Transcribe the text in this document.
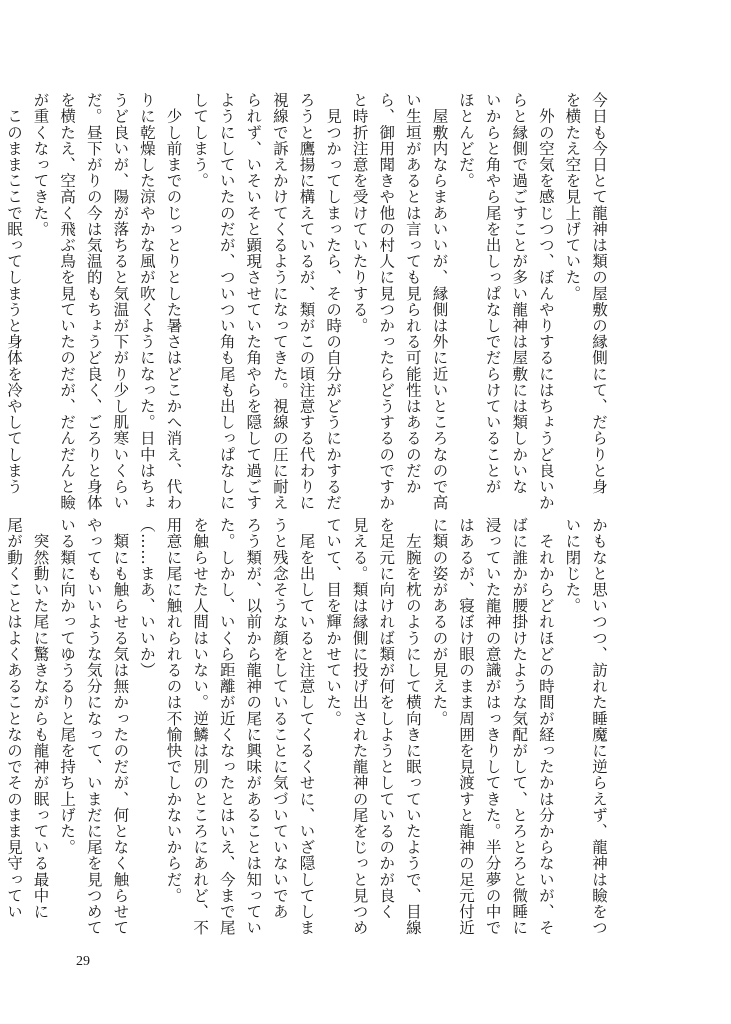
今日も今日とて龍神は類の屋敷の縁側にて、だらりと身

を横たえ空を見上げていた。

　外の空気を感じつつ、ぼんやりするにはちょうど良いか

らと縁側で過ごすことが多い龍神は屋敷には類しかいな

いからと角やら尾を出しっぱなしでだらけていることが

ほとんどだ。

　屋敷内ならまあいいが、縁側は外に近いところなので高

い生垣があるとは言っても見られる可能性はあるのだか

ら、御用聞きや他の村人に見つかったらどうするのですか

と時折注意を受けていたりする。

　見つかってしまったら、その時の自分がどうにかするだ

ろうと鷹揚に構えているが、類がこの頃注意する代わりに

視線で訴えかけてくるようになってきた。視線の圧に耐え

られず、いそいそと顕現させていた角やらを隠して過ごす

ようにしていたのだが、ついつい角も尾も出しっぱなしに

してしまう。

　少し前までのじっとりとした暑さはどこかへ消え、代わ

りに乾燥した涼やかな風が吹くようになった。日中はちょ

うど良いが、陽が落ちると気温が下がり少し肌寒いくらい

だ。昼下がりの今は気温的もちょうど良く、ごろりと身体

を横たえ、空高く飛ぶ鳥を見ていたのだが、だんだんと瞼

が重くなってきた。

　このままここで眠ってしまうと身体を冷やしてしまう

かもなと思いつつ、訪れた睡魔に逆らえず、龍神は瞼をつ

いに閉じた。

　それからどれほどの時間が経ったかは分からないが、そ

ばに誰かが腰掛けたような気配がして、とろとろと微睡に

浸っていた龍神の意識がはっきりしてきた。半分夢の中で

はあるが、寝ぼけ眼のまま周囲を見渡すと龍神の足元付近

に類の姿があるのが見えた。

　左腕を枕のようにして横向きに眠っていたようで、目線

を足元に向ければ類が何をしようとしているのかが良く

見える。類は縁側に投げ出された龍神の尾をじっと見つめ

ていて、目を輝かせていた。

　尾を出していると注意してくるくせに、いざ隠してしま

うと残念そうな顔をしていることに気づいていないであ

ろう類が、以前から龍神の尾に興味があることは知ってい

た。しかし、いくら距離が近くなったとはいえ、今まで尾

を触らせた人間はいない。逆鱗は別のところにあれど、不

用意に尾に触れられるのは不愉快でしかないからだ。

（……まあ、いいか）

　類にも触らせる気は無かったのだが、何となく触らせて

やってもいいような気分になって、いまだに尾を見つめて

いる類に向かってゆうるりと尾を持ち上げた。

　突然動いた尾に驚きながらも龍神が眠っている最中に

尾が動くことはよくあることなのでそのまま見守ってい

29
